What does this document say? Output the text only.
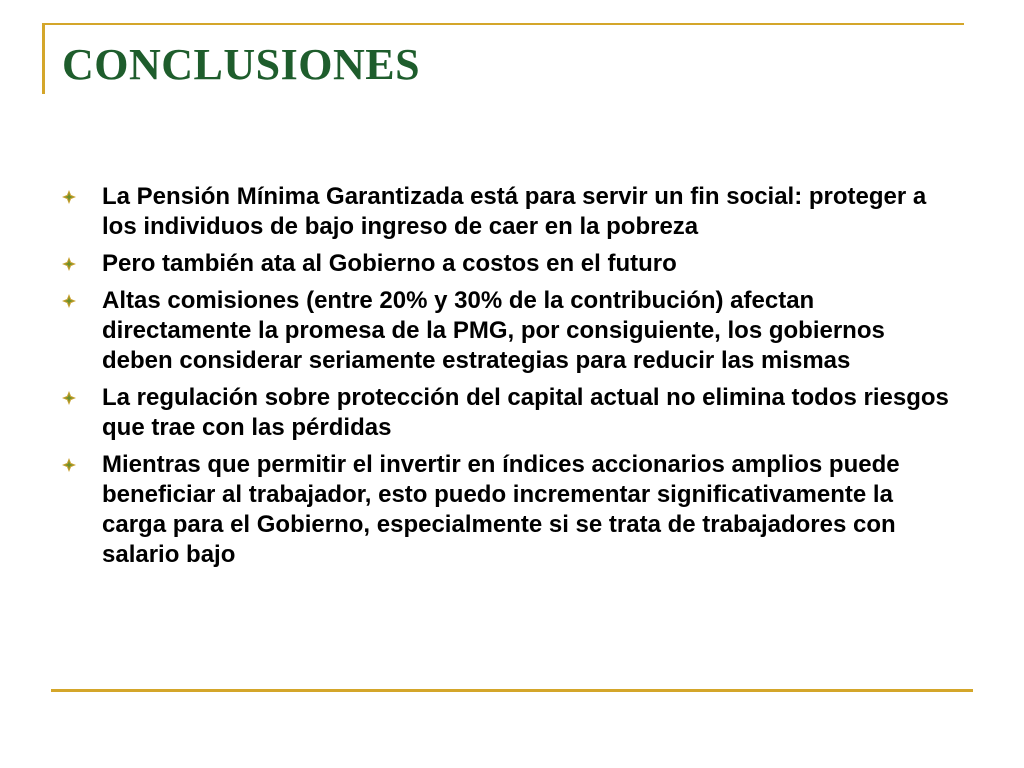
CONCLUSIONES
La Pensión Mínima Garantizada está para servir un fin social: proteger a los individuos de bajo ingreso de caer en la pobreza
Pero también ata al Gobierno a costos en el futuro
Altas comisiones (entre 20% y 30% de la contribución) afectan directamente la promesa de la PMG, por consiguiente, los gobiernos deben considerar seriamente estrategias para reducir las mismas
La regulación sobre protección del capital actual no elimina todos riesgos que trae con las pérdidas
Mientras que permitir el invertir en índices accionarios amplios puede beneficiar al trabajador, esto puedo incrementar significativamente la carga para el Gobierno, especialmente si se trata de trabajadores con salario bajo
